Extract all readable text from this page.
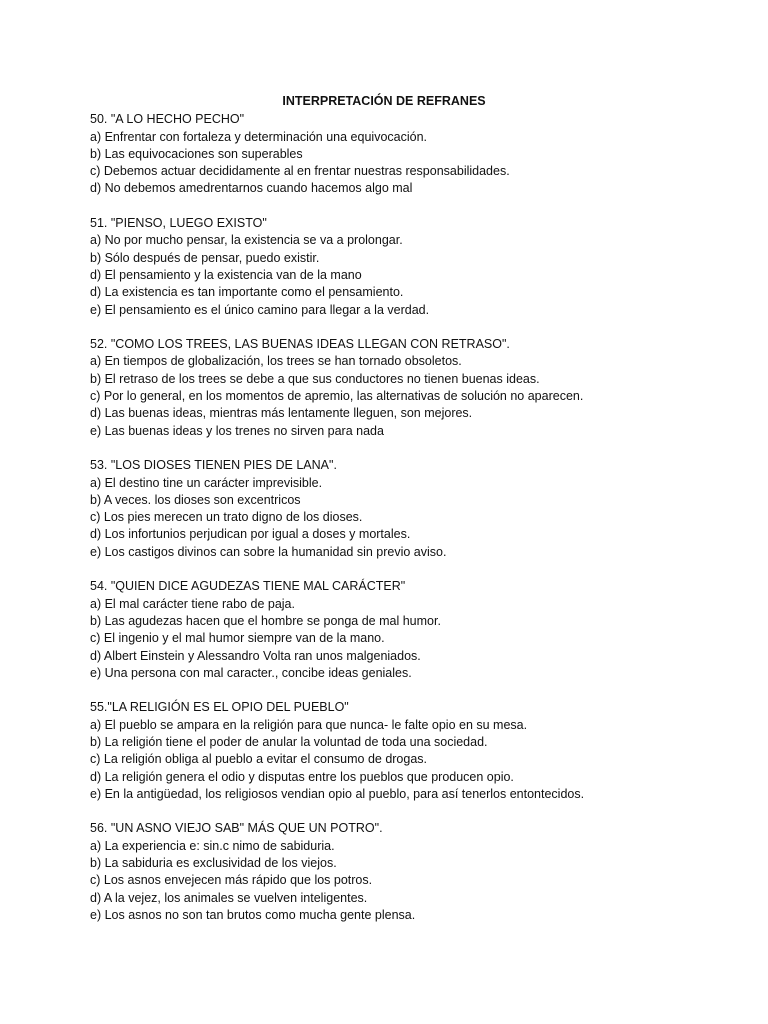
INTERPRETACIÓN DE REFRANES

50. "A LO HECHO PECHO"

a) Enfrentar con fortaleza y determinación una equivocación.

b) Las equivocaciones son superables

c) Debemos actuar decididamente al en frentar nuestras responsabilidades.

d) No debemos amedrentarnos cuando hacemos algo mal

51. "PIENSO, LUEGO EXISTO"

a) No por mucho pensar, la existencia se va a prolongar.

b) Sólo después de pensar, puedo existir.

d) El pensamiento y la existencia van de la mano

d) La existencia es tan importante como el pensamiento.

e) El pensamiento es el único camino para llegar a la verdad.

52. "COMO LOS TREES, LAS BUENAS IDEAS LLEGAN CON RETRASO".

a) En tiempos de globalización, los trees se han tornado obsoletos.

b) El retraso de los trees se debe a que sus conductores no tienen buenas ideas.

c) Por lo general, en los momentos de apremio, las alternativas de solución no aparecen.

d) Las buenas ideas, mientras más lentamente lleguen, son mejores.

e) Las buenas ideas y los trenes no sirven para nada

53. "LOS DIOSES TIENEN PIES DE LANA".

a) El destino tine un carácter imprevisible.

b) A veces. los dioses son excentricos

c) Los pies merecen un trato digno de los dioses.

d) Los infortunios perjudican por igual a doses y mortales.

e) Los castigos divinos can sobre la humanidad sin previo aviso.

54. "QUIEN DICE AGUDEZAS TIENE MAL CARÁCTER"

a) El mal carácter tiene rabo de paja.

b) Las agudezas hacen que el hombre se ponga de mal humor.

c) El ingenio y el mal humor siempre van de la mano.

d) Albert Einstein y Alessandro Volta ran unos malgeniados.

e) Una persona con mal caracter., concibe ideas geniales.

55."LA RELIGIÓN ES EL OPIO DEL PUEBLO"

a) El pueblo se ampara en la religión para que nunca- le falte opio en su mesa.

b) La religión tiene el poder de anular la voluntad de toda una sociedad.

c) La religión obliga al pueblo a evitar el consumo de drogas.

d) La religión genera el odio y disputas entre los pueblos que producen opio.

e) En la antigüedad, los religiosos vendian opio al pueblo, para así tenerlos entontecidos.

56. "UN ASNO VIEJO SAB" MÁS QUE UN POTRO".

a) La experiencia e: sin.c nimo de sabiduria.

b) La sabiduria es exclusividad de los viejos.

c) Los asnos envejecen más rápido que los potros.

d) A la vejez, los animales se vuelven inteligentes.

e) Los asnos no son tan brutos como mucha gente plensa.
